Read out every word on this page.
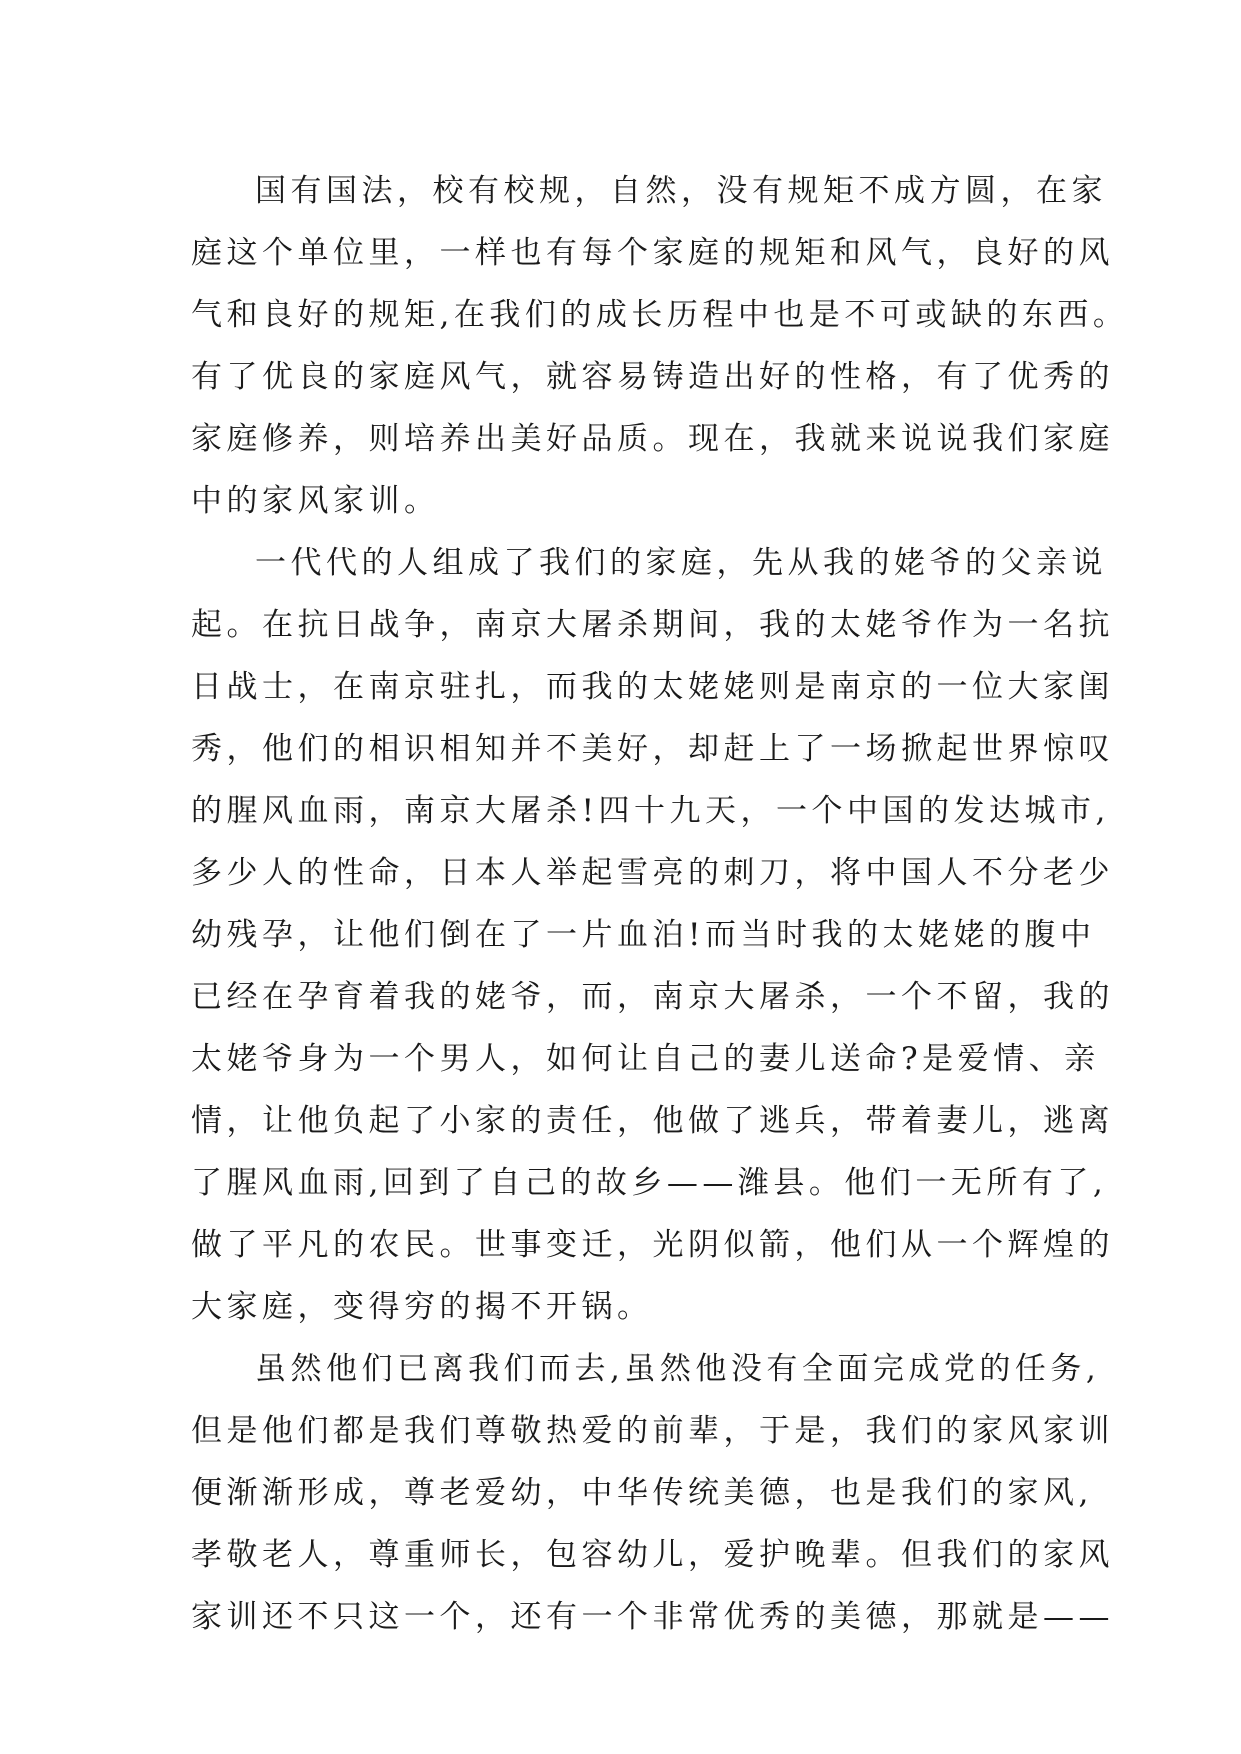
国有国法，校有校规，自然，没有规矩不成方圆，在家
庭这个单位里，一样也有每个家庭的规矩和风气，良好的风
气和良好的规矩,在我们的成长历程中也是不可或缺的东西。
有了优良的家庭风气，就容易铸造出好的性格，有了优秀的
家庭修养，则培养出美好品质。现在，我就来说说我们家庭
中的家风家训。
一代代的人组成了我们的家庭，先从我的姥爷的父亲说
起。在抗日战争，南京大屠杀期间，我的太姥爷作为一名抗
日战士，在南京驻扎，而我的太姥姥则是南京的一位大家闺
秀，他们的相识相知并不美好，却赶上了一场掀起世界惊叹
的腥风血雨，南京大屠杀!四十九天，一个中国的发达城市,
多少人的性命，日本人举起雪亮的刺刀，将中国人不分老少
幼残孕，让他们倒在了一片血泊!而当时我的太姥姥的腹中
已经在孕育着我的姥爷，而，南京大屠杀，一个不留，我的
太姥爷身为一个男人，如何让自己的妻儿送命?是爱情、亲
情，让他负起了小家的责任，他做了逃兵，带着妻儿，逃离
了腥风血雨,回到了自己的故乡——潍县。他们一无所有了,
做了平凡的农民。世事变迁，光阴似箭，他们从一个辉煌的
大家庭，变得穷的揭不开锅。
虽然他们已离我们而去,虽然他没有全面完成党的任务,
但是他们都是我们尊敬热爱的前辈，于是，我们的家风家训
便渐渐形成，尊老爱幼，中华传统美德，也是我们的家风,
孝敬老人，尊重师长，包容幼儿，爱护晚辈。但我们的家风
家训还不只这一个，还有一个非常优秀的美德，那就是——
